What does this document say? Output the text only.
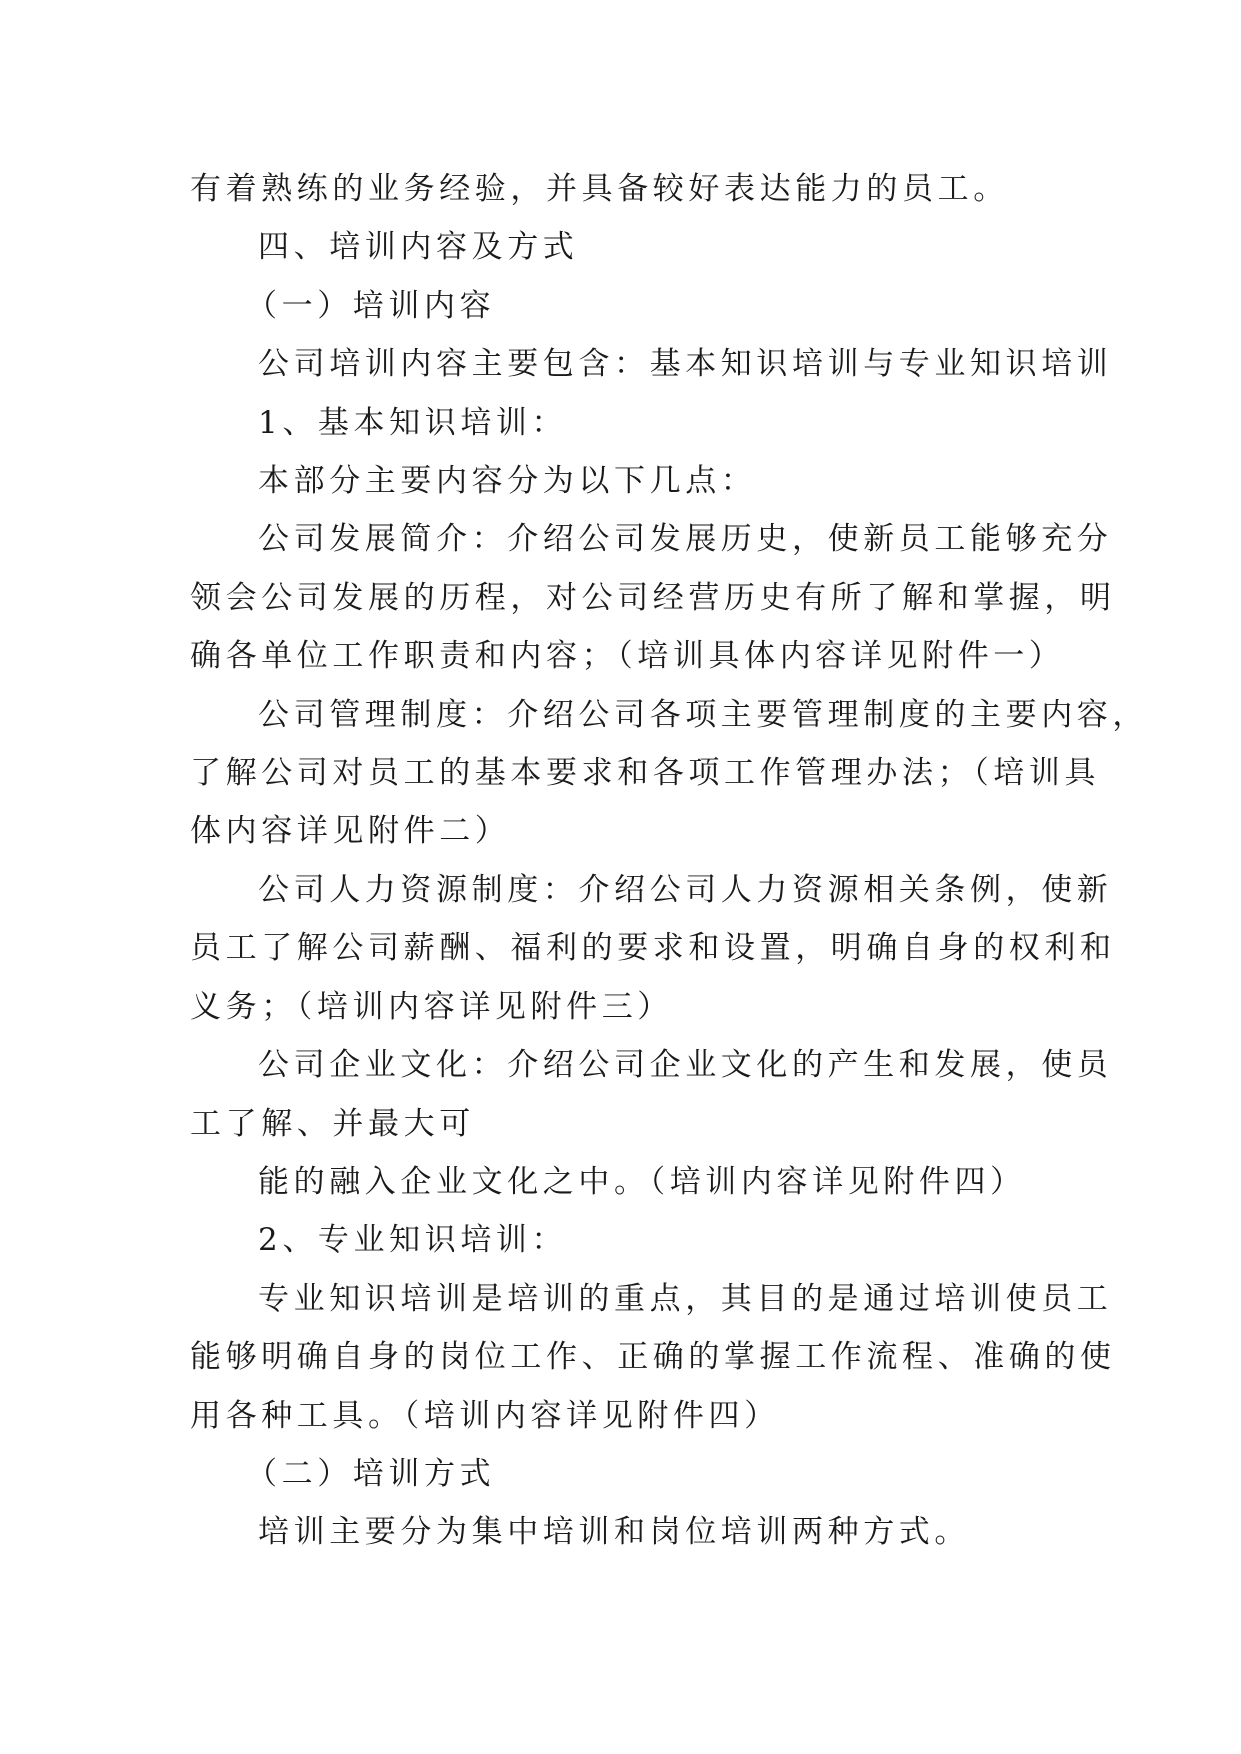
有着熟练的业务经验，并具备较好表达能力的员工。

四、培训内容及方式

（一）培训内容

公司培训内容主要包含：基本知识培训与专业知识培训

1、基本知识培训：

本部分主要内容分为以下几点：

公司发展简介：介绍公司发展历史，使新员工能够充分

领会公司发展的历程，对公司经营历史有所了解和掌握，明

确各单位工作职责和内容；（培训具体内容详见附件一）

公司管理制度：介绍公司各项主要管理制度的主要内容，

了解公司对员工的基本要求和各项工作管理办法；（培训具

体内容详见附件二）

公司人力资源制度：介绍公司人力资源相关条例，使新

员工了解公司薪酬、福利的要求和设置，明确自身的权利和

义务；（培训内容详见附件三）

公司企业文化：介绍公司企业文化的产生和发展，使员

工了解、并最大可

能的融入企业文化之中。（培训内容详见附件四）

2、专业知识培训：

专业知识培训是培训的重点，其目的是通过培训使员工

能够明确自身的岗位工作、正确的掌握工作流程、准确的使

用各种工具。（培训内容详见附件四）

（二）培训方式

培训主要分为集中培训和岗位培训两种方式。
